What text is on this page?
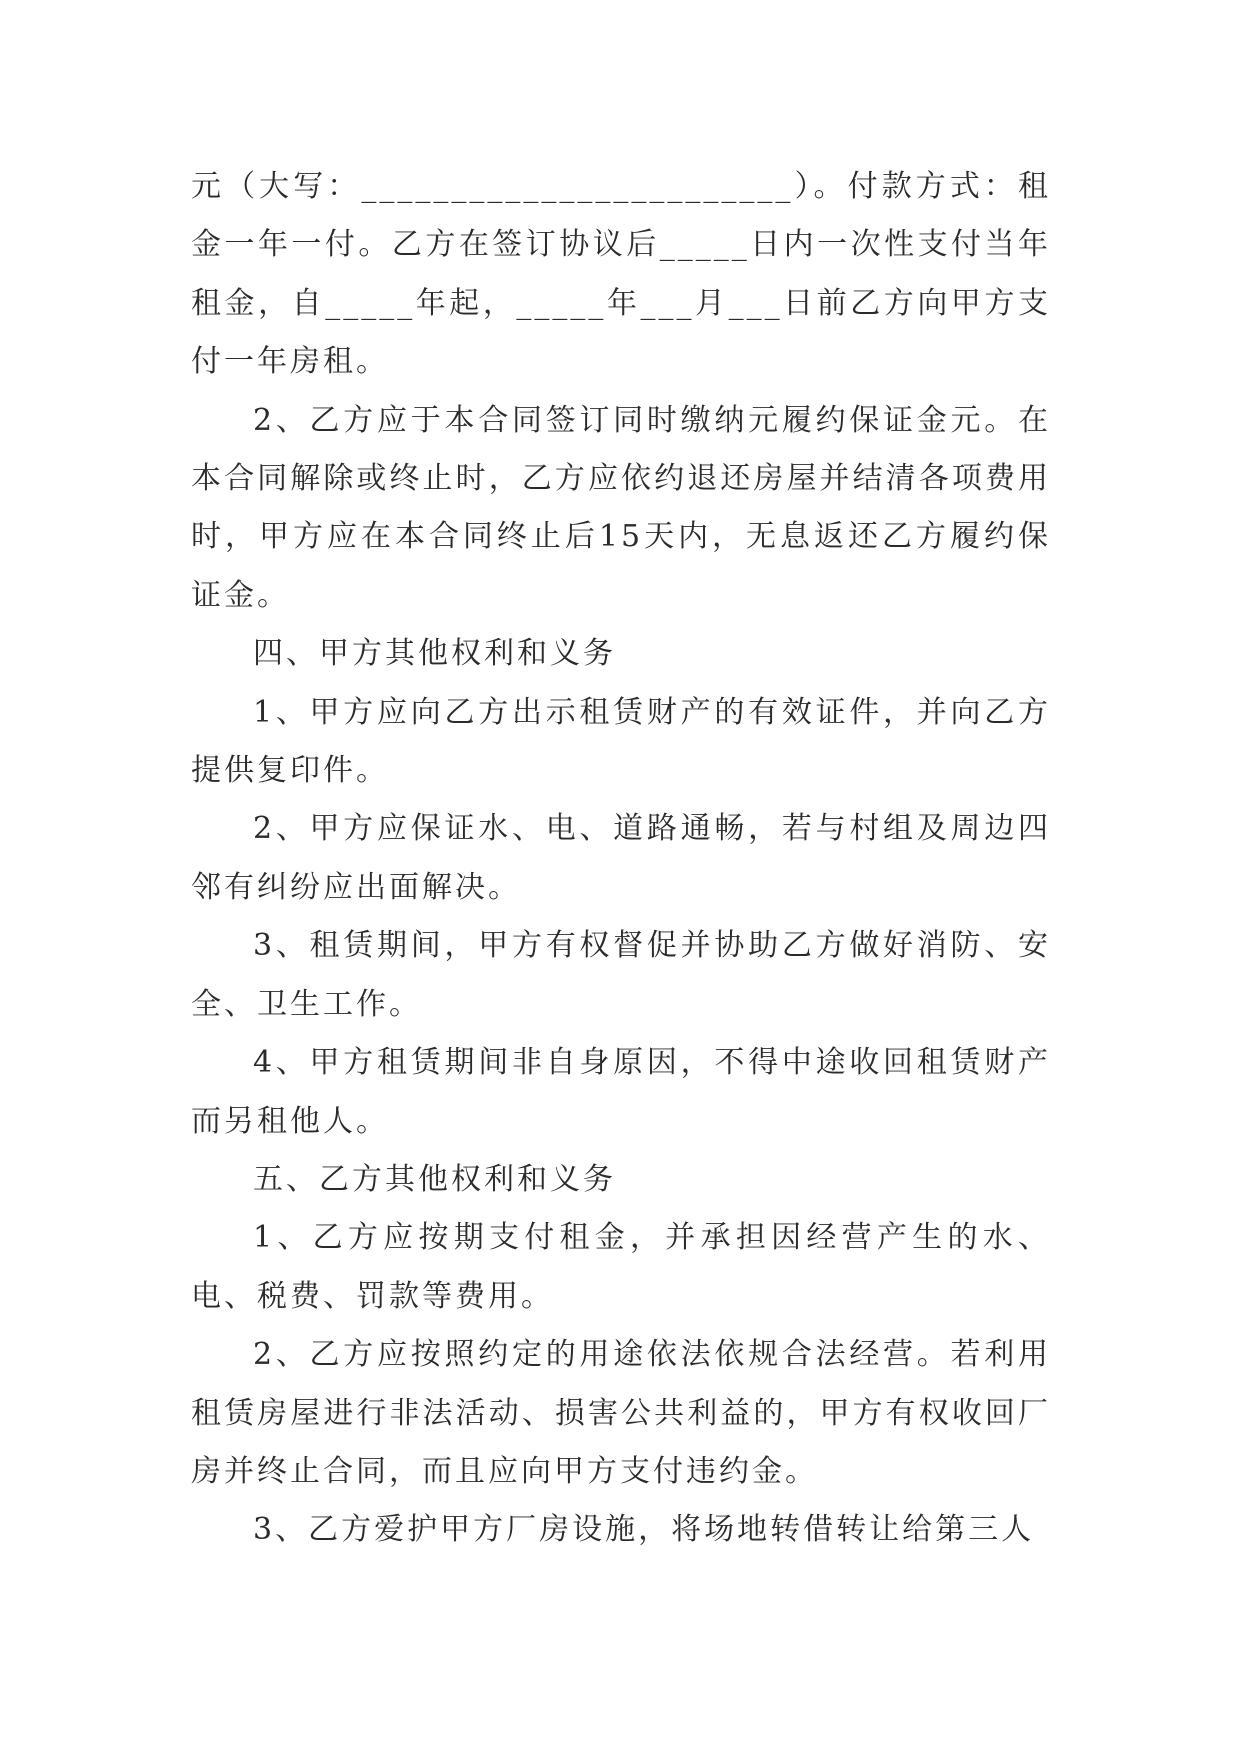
元（大写：________________________）。付款方式：租金一年一付。乙方在签订协议后_____日内一次性支付当年租金，自_____年起，_____年___月___日前乙方向甲方支付一年房租。

2、乙方应于本合同签订同时缴纳元履约保证金元。在本合同解除或终止时，乙方应依约退还房屋并结清各项费用时，甲方应在本合同终止后15天内，无息返还乙方履约保证金。

四、甲方其他权利和义务

1、甲方应向乙方出示租赁财产的有效证件，并向乙方提供复印件。

2、甲方应保证水、电、道路通畅，若与村组及周边四邻有纠纷应出面解决。

3、租赁期间，甲方有权督促并协助乙方做好消防、安全、卫生工作。

4、甲方租赁期间非自身原因，不得中途收回租赁财产而另租他人。

五、乙方其他权利和义务

1、乙方应按期支付租金，并承担因经营产生的水、电、税费、罚款等费用。

2、乙方应按照约定的用途依法依规合法经营。若利用租赁房屋进行非法活动、损害公共利益的，甲方有权收回厂房并终止合同，而且应向甲方支付违约金。

3、乙方爱护甲方厂房设施，将场地转借转让给第三人
